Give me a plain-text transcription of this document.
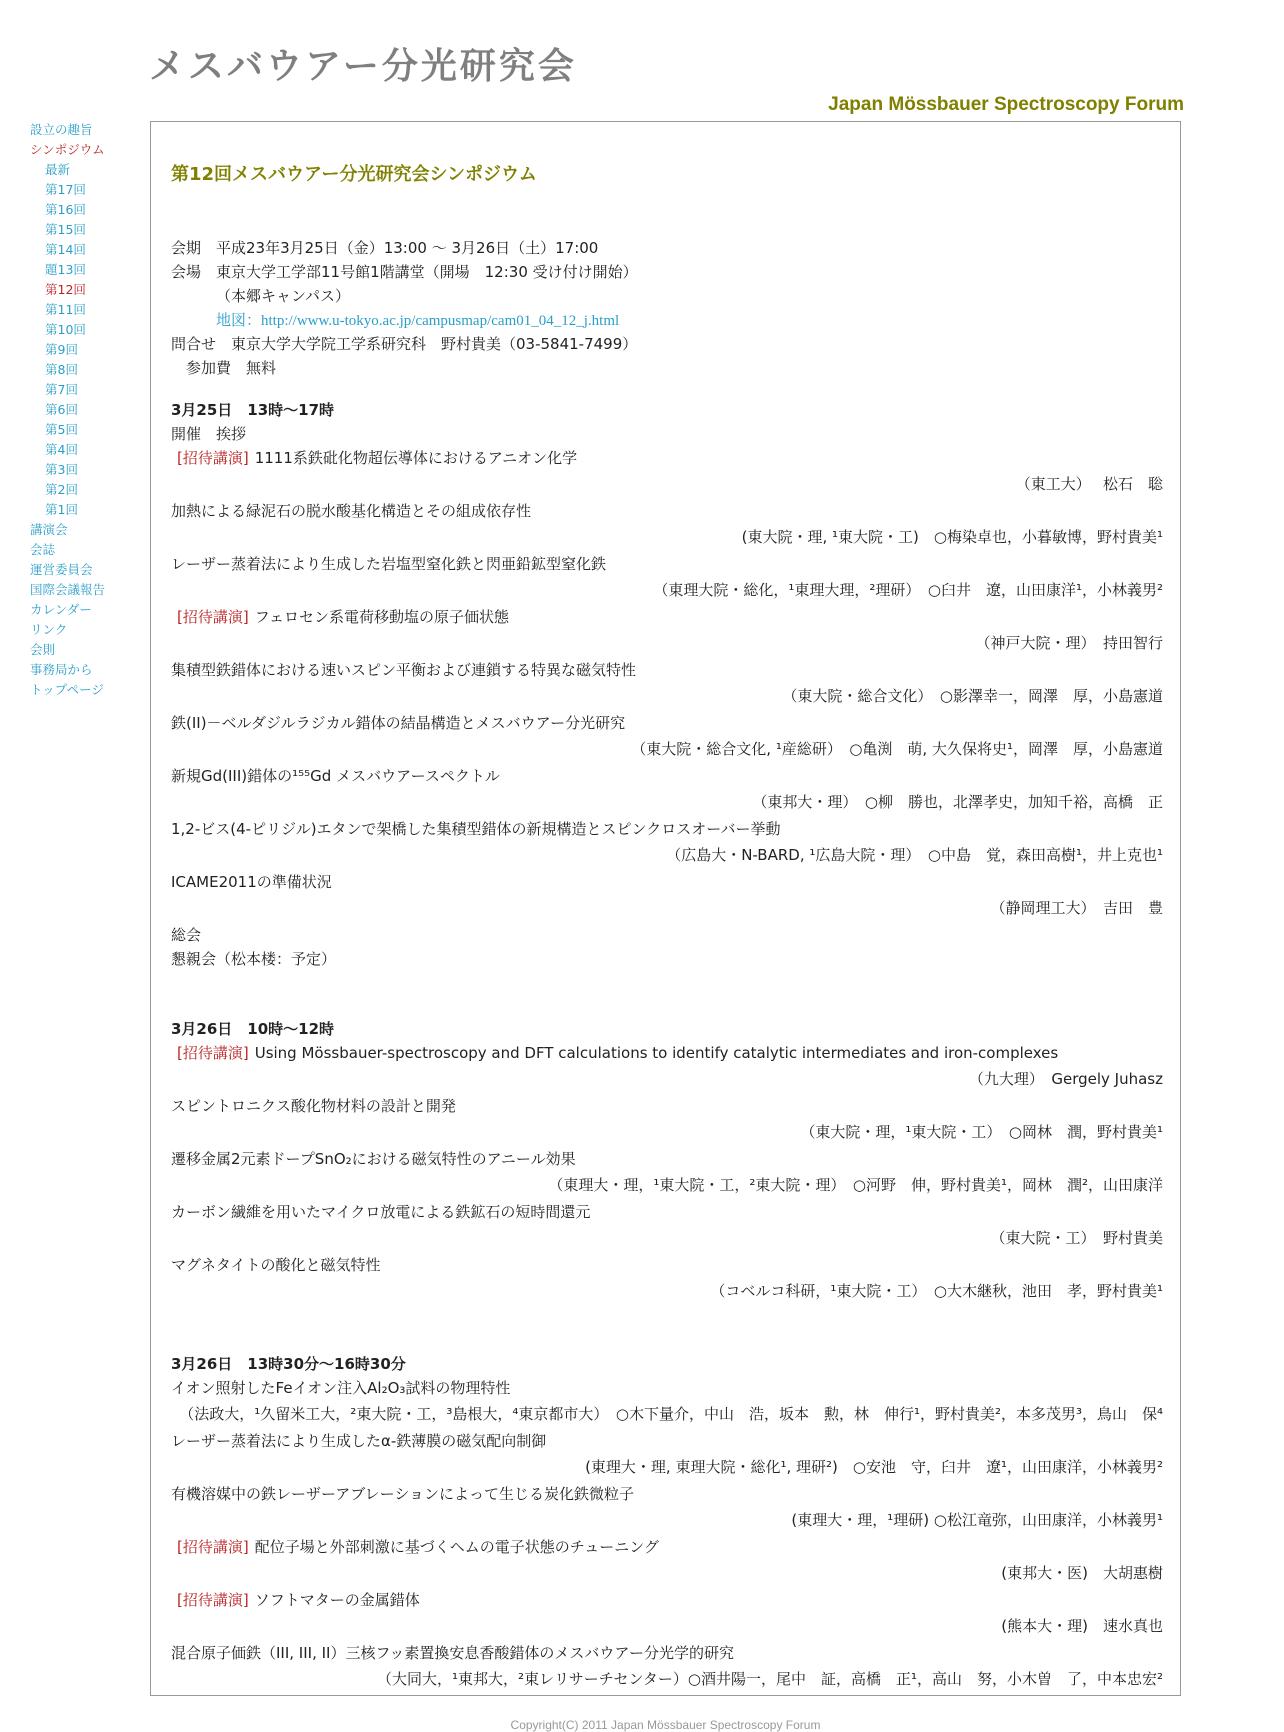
メスバウアー分光研究会
Japan Mössbauer Spectroscopy Forum
設立の趣旨
シンポジウム
最新
第17回
第16回
第15回
第14回
題13回
第12回
第11回
第10回
第9回
第8回
第7回
第6回
第5回
第4回
第3回
第2回
第1回
講演会
会誌
運営委員会
国際会議報告
カレンダー
リンク
会則
事務局から
トップページ
第12回メスバウアー分光研究会シンポジウム
会期　平成23年3月25日（金）13:00 ～ 3月26日（土）17:00
会場　東京大学工学部11号館1階講堂（開場　12:30 受け付け開始）
（本郷キャンパス）
地図：http://www.u-tokyo.ac.jp/campusmap/cam01_04_12_j.html
問合せ　東京大学大学院工学系研究科　野村貴美（03-5841-7499）
参加費　無料
3月25日　13時～17時
開催　挨拶
[招待講演] 1111系鉄砒化物超伝導体におけるアニオン化学
（東工大）　 松石　聡
加熱による緑泥石の脱水酸基化構造とその組成依存性
(東大院・理, ¹東大院・工)　○梅染卓也，小暮敏博，野村貴美¹
レーザー蒸着法により生成した岩塩型窒化鉄と閃亜鉛鉱型窒化鉄
（東理大院・総化，¹東理大理，²理研）　○臼井　遼，山田康洋¹，小林義男²
[招待講演] フェロセン系電荷移動塩の原子価状態
（神戸大院・理）　持田智行
集積型鉄錯体における速いスピン平衡および連鎖する特異な磁気特性
（東大院・総合文化）　○影澤幸一，岡澤　厚，小島憲道
鉄(II)－ベルダジルラジカル錯体の結晶構造とメスバウアー分光研究
（東大院・総合文化, ¹産総研）　○亀渕　萌, 大久保将史¹，岡澤　厚，小島憲道
新規Gd(III)錯体の¹⁵⁵Gd メスバウアースペクトル
（東邦大・理）　○柳　勝也，北澤孝史，加知千裕，高橋　正
1,2-ビス(4-ピリジル)エタンで架橋した集積型錯体の新規構造とスピンクロスオーバー挙動
（広島大・N-BARD, ¹広島大院・理）　○中島　覚，森田高樹¹，井上克也¹
ICAME2011の準備状況
（静岡理工大）　吉田　豊
総会
懇親会（松本楼：予定）
3月26日　10時～12時
[招待講演] Using Mössbauer-spectroscopy and DFT calculations to identify catalytic intermediates and iron-complexes
（九大理）　Gergely Juhasz
スピントロニクス酸化物材料の設計と開発
（東大院・理，¹東大院・工）　○岡林　潤，野村貴美¹
遷移金属2元素ドープSnO₂における磁気特性のアニール効果
（東理大・理，¹東大院・工，²東大院・理）　○河野　伸，野村貴美¹，岡林　潤²，山田康洋
カーボン繊維を用いたマイクロ放電による鉄鉱石の短時間還元
（東大院・工）　野村貴美
マグネタイトの酸化と磁気特性
（コベルコ科研，¹東大院・工）　○大木継秋，池田　孝，野村貴美¹
3月26日　13時30分～16時30分
イオン照射したFeイオン注入Al₂O₃試料の物理特性
（法政大，¹久留米工大，²東大院・工，³島根大，⁴東京都市大）　○木下量介，中山　浩，坂本　勲，林　伸行¹，野村貴美²，本多茂男³，鳥山　保⁴
レーザー蒸着法により生成したα-鉄薄膜の磁気配向制御
(東理大・理, 東理大院・総化¹, 理研²)　○安池　守，臼井　遼¹，山田康洋，小林義男²
有機溶媒中の鉄レーザーアブレーションによって生じる炭化鉄微粒子
(東理大・理，¹理研) ○松江竜弥，山田康洋，小林義男¹
[招待講演] 配位子場と外部刺激に基づくヘムの電子状態のチューニング
(東邦大・医)　大胡惠樹
[招待講演] ソフトマターの金属錯体
(熊本大・理)　速水真也
混合原子価鉄（III, III, II）三核フッ素置換安息香酸錯体のメスバウアー分光学的研究
（大同大，¹東邦大，²東レリサーチセンター）○酒井陽一，尾中　証，高橋　正¹，高山　努，小木曽　了，中本忠宏²
Copyright(C) 2011 Japan Mössbauer Spectroscopy Forum
